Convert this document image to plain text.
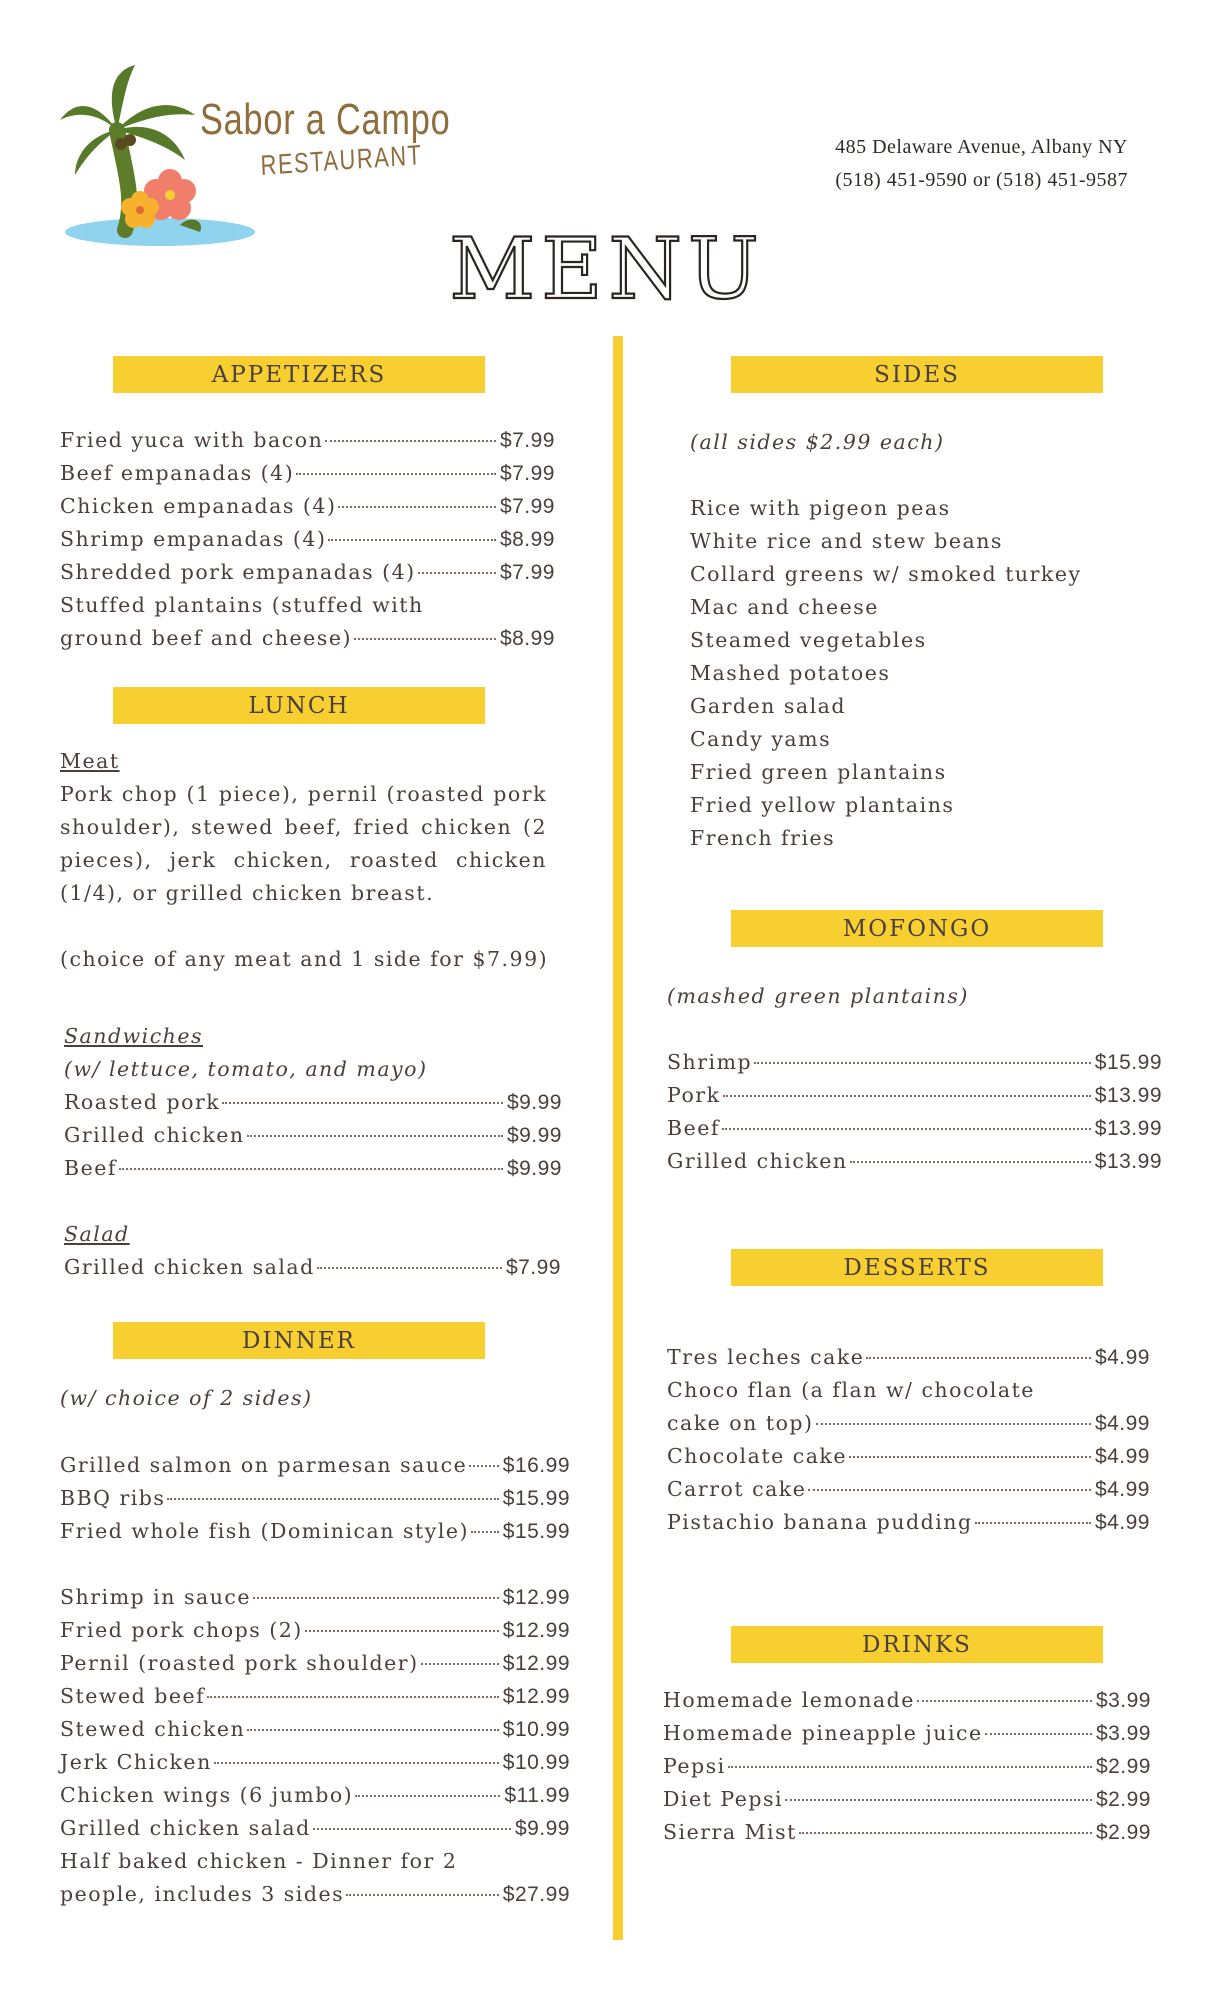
Sabor a Campo
RESTAURANT	485 Delaware Avenue, Albany NY
(518) 451-9590 or (518) 451-9587
MENU
APPETIZERS
Fried yuca with bacon	$7.99
Beef empanadas (4)	$7.99
Chicken empanadas (4)	$7.99
Shrimp empanadas (4)	$8.99
Shredded pork empanadas (4)	$7.99
Stuffed plantains (stuffed with
ground beef and cheese)	$8.99
LUNCH
Meat
Pork chop (1 piece), pernil (roasted pork shoulder), stewed beef, fried chicken (2 pieces), jerk chicken, roasted chicken (1/4), or grilled chicken breast.
(choice of any meat and 1 side for $7.99)
Sandwiches
(w/ lettuce, tomato, and mayo)
Roasted pork	$9.99
Grilled chicken	$9.99
Beef	$9.99
Salad
Grilled chicken salad	$7.99
DINNER
(w/ choice of 2 sides)
Grilled salmon on parmesan sauce $16.99
BBQ ribs	$15.99
Fried whole fish (Dominican style) $15.99
Shrimp in sauce	$12.99
Fried pork chops (2)	$12.99
Pernil (roasted pork shoulder)	$12.99
Stewed beef	$12.99
Stewed chicken	$10.99
Jerk Chicken	$10.99
Chicken wings (6 jumbo)	$11.99
Grilled chicken salad	$9.99
Half baked chicken - Dinner for 2
people, includes 3 sides	$27.99
SIDES
(all sides $2.99 each)
Rice with pigeon peas
White rice and stew beans
Collard greens w/ smoked turkey
Mac and cheese
Steamed vegetables
Mashed potatoes
Garden salad
Candy yams
Fried green plantains
Fried yellow plantains
French fries
MOFONGO
(mashed green plantains)
Shrimp	$15.99
Pork	$13.99
Beef	$13.99
Grilled chicken	$13.99
DESSERTS
Tres leches cake	$4.99
Choco flan (a flan w/ chocolate
cake on top)	$4.99
Chocolate cake	$4.99
Carrot cake	$4.99
Pistachio banana pudding	$4.99
DRINKS
Homemade lemonade	$3.99
Homemade pineapple juice	$3.99
Pepsi	$2.99
Diet Pepsi	$2.99
Sierra Mist	$2.99
